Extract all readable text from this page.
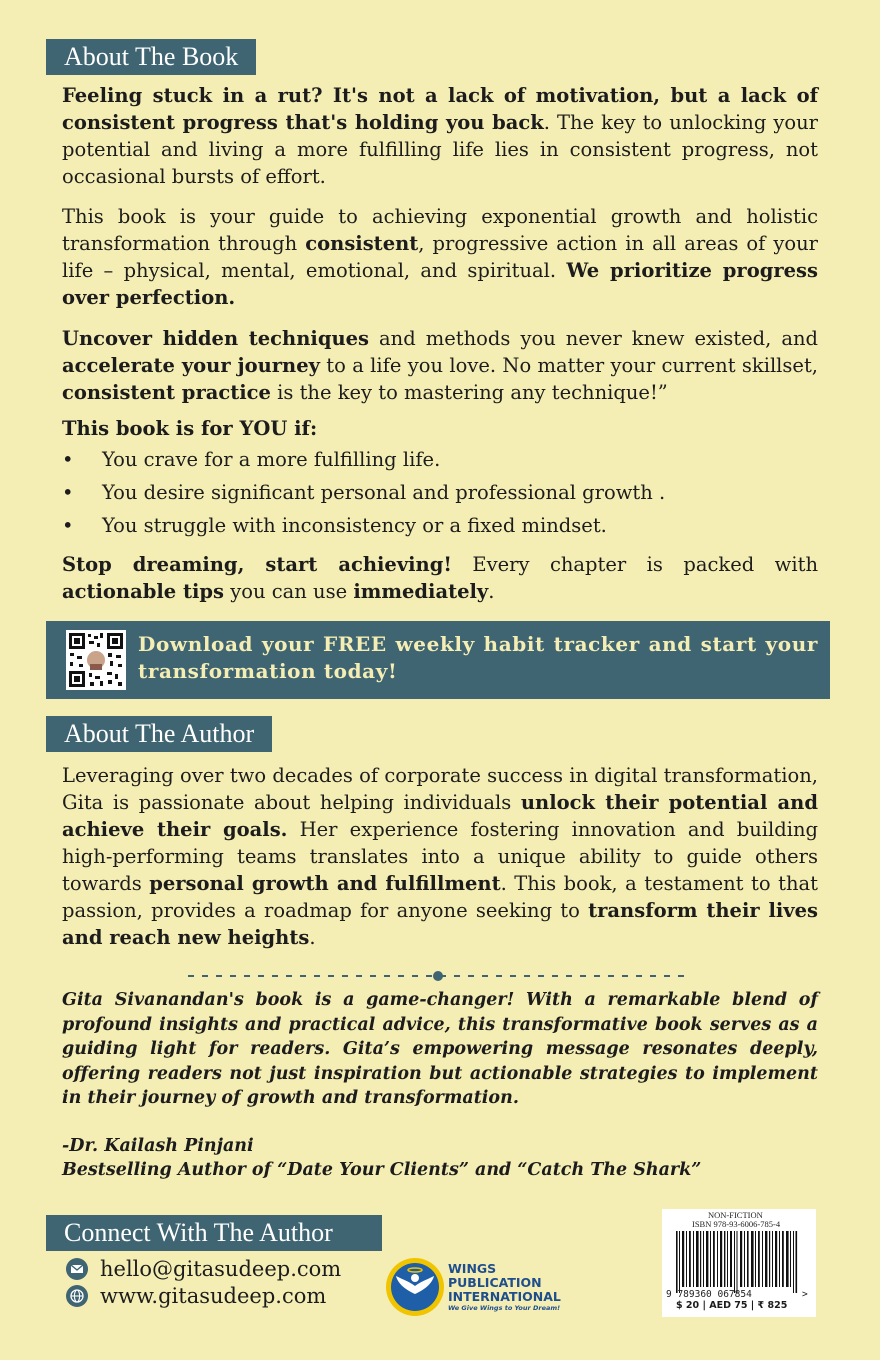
About The Book
Feeling stuck in a rut? It's not a lack of motivation, but a lack of consistent progress that's holding you back. The key to unlocking your potential and living a more fulfilling life lies in consistent progress, not occasional bursts of effort.
This book is your guide to achieving exponential growth and holistic transformation through consistent, progressive action in all areas of your life – physical, mental, emotional, and spiritual. We prioritize progress over perfection.
Uncover hidden techniques and methods you never knew existed, and accelerate your journey to a life you love. No matter your current skillset, consistent practice is the key to mastering any technique!”
This book is for YOU if:
•	You crave for a more fulfilling life.
•	You desire significant personal and professional growth .
•	You struggle with inconsistency or a fixed mindset.
Stop dreaming, start achieving! Every chapter is packed with actionable tips you can use immediately.
Download your FREE weekly habit tracker and start your transformation today!
About The Author
Leveraging over two decades of corporate success in digital transformation, Gita is passionate about helping individuals unlock their potential and achieve their goals. Her experience fostering innovation and building high-performing teams translates into a unique ability to guide others towards personal growth and fulfillment. This book, a testament to that passion, provides a roadmap for anyone seeking to transform their lives and reach new heights.
Gita Sivanandan's book is a game-changer! With a remarkable blend of profound insights and practical advice, this transformative book serves as a guiding light for readers. Gita’s empowering message resonates deeply, offering readers not just inspiration but actionable strategies to implement in their journey of growth and transformation.
-Dr. Kailash Pinjani
Bestselling Author of “Date Your Clients” and “Catch The Shark”
Connect With The Author
hello@gitasudeep.com
www.gitasudeep.com
WINGS
PUBLICATION
INTERNATIONAL
We Give Wings to Your Dream!
NON-FICTION
ISBN 978-93-6006-785-4
9 789360 067854	>
$ 20 | AED 75 | ₹ 825
